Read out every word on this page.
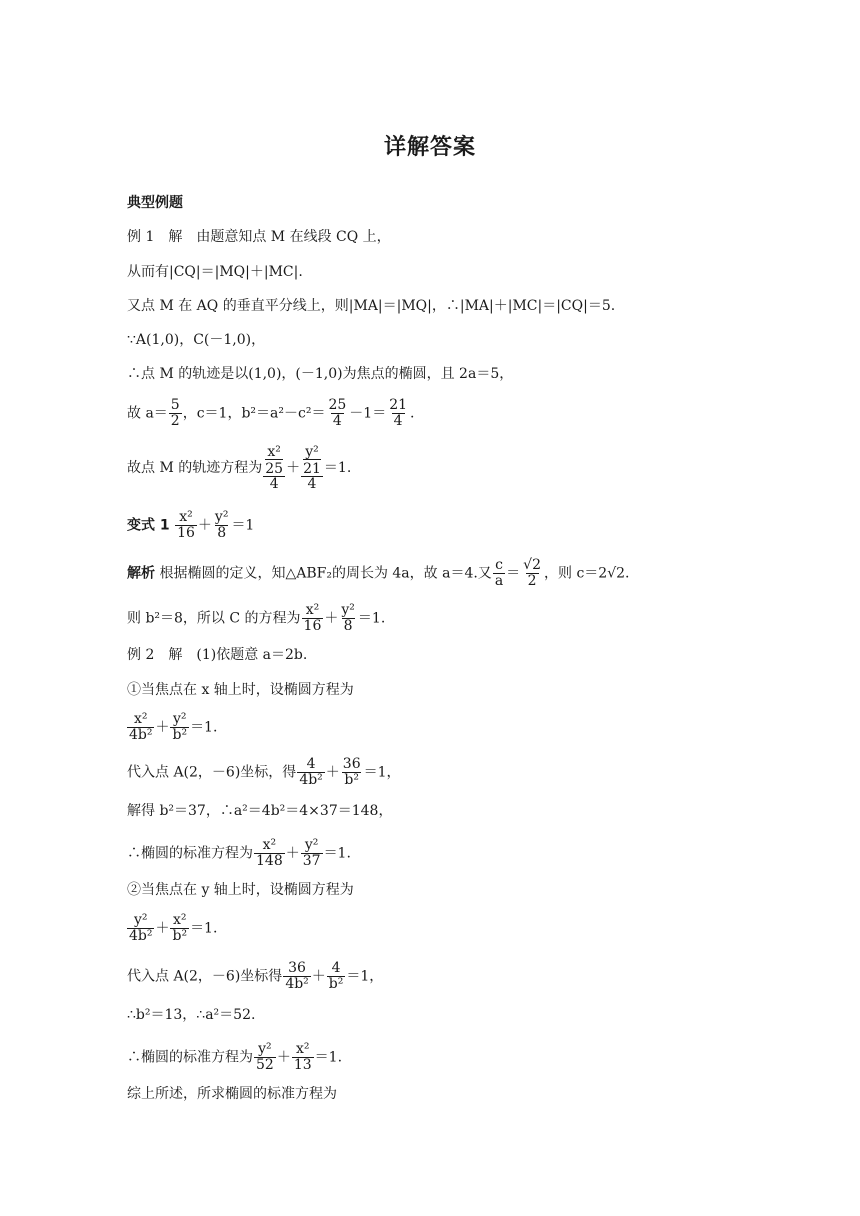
详解答案
典型例题
例 1　解　由题意知点 M 在线段 CQ 上，
从而有|CQ|＝|MQ|＋|MC|.
又点 M 在 AQ 的垂直平分线上，则|MA|＝|MQ|，∴|MA|＋|MC|＝|CQ|＝5.
∵A(1,0)，C(－1,0)，
∴点 M 的轨迹是以(1,0)，(－1,0)为焦点的椭圆，且 2a＝5，
故 $a= \frac{5}{2}$ ，c＝1，$b^2=a^2-c^2= \frac{25}{4} -1= \frac{21}{4}$ .
故点 M 的轨迹方程为 $\frac{\text{x²}}{\frac{25}{4}} + \frac{\text{y²}}{\frac{21}{4}} =1$.
变式 $1 \frac{\text{x²}}{16} + \frac{\text{y²}}{8} =1$
解析 根据椭圆的定义，知△ABF₂的周长为 4a，故 a＝4.又 $\frac{c}{a} = \frac{√2}{2}$ ，则 c＝2√2.
则 b²＝8，所以 C 的方程为 $\frac{\text{x²}}{16} + \frac{\text{y²}}{8} =1$.
例 2　解　(1)依题意 a＝2b.
①当焦点在 x 轴上时，设椭圆方程为
$\frac{\text{x²}}{\text{4b²}} + \frac{\text{y²}}{\text{b²}} =1$.
代入点 A(2，－6)坐标，得 $\frac{4}{\text{4b²}} + \frac{36}{\text{b²}} =1$，
解得 b²＝37，∴a²＝4b²＝4×37＝148，
∴椭圆的标准方程为 $\frac{\text{x²}}{148} + \frac{\text{y²}}{37} =1$.
②当焦点在 y 轴上时，设椭圆方程为
$\frac{\text{y²}}{\text{4b²}} + \frac{\text{x²}}{\text{b²}} =1$.
代入点 A(2，－6)坐标得 $\frac{36}{\text{4b²}} + \frac{4}{\text{b²}} =1$，
∴b²＝13，∴a²＝52.
∴椭圆的标准方程为 $\frac{\text{y²}}{52} + \frac{\text{x²}}{13} =1$.
综上所述，所求椭圆的标准方程为
